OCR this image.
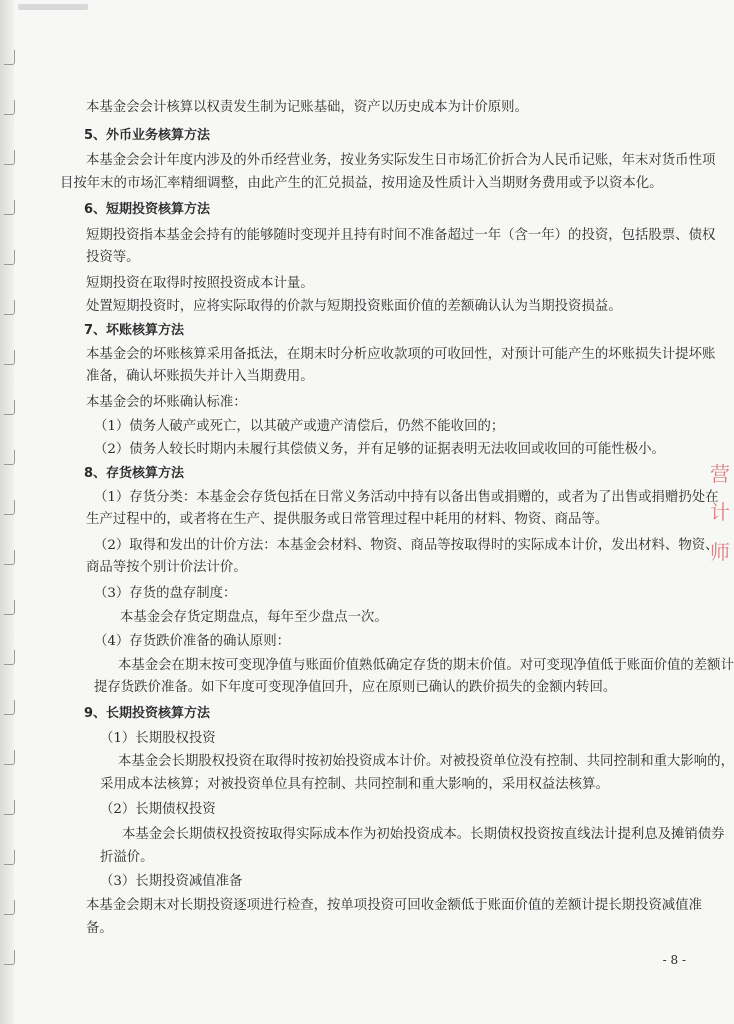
营
计
师
本基金会会计核算以权责发生制为记账基础，资产以历史成本为计价原则。
5、外币业务核算方法
本基金会会计年度内涉及的外币经营业务，按业务实际发生日市场汇价折合为人民币记账，年末对货币性项
目按年末的市场汇率精细调整，由此产生的汇兑损益，按用途及性质计入当期财务费用或予以资本化。
6、短期投资核算方法
短期投资指本基金会持有的能够随时变现并且持有时间不准备超过一年（含一年）的投资，包括股票、债权
投资等。
短期投资在取得时按照投资成本计量。
处置短期投资时，应将实际取得的价款与短期投资账面价值的差额确认认为当期投资损益。
7、坏账核算方法
本基金会的坏账核算采用备抵法，在期末时分析应收款项的可收回性，对预计可能产生的坏账损失计提坏账
准备，确认坏账损失并计入当期费用。
本基金会的坏账确认标准：
（1）债务人破产或死亡，以其破产或遗产清偿后，仍然不能收回的；
（2）债务人较长时期内未履行其偿债义务，并有足够的证据表明无法收回或收回的可能性极小。
8、存货核算方法
（1）存货分类：本基金会存货包括在日常义务活动中持有以备出售或捐赠的，或者为了出售或捐赠扔处在
生产过程中的，或者将在生产、提供服务或日常管理过程中耗用的材料、物资、商品等。
（2）取得和发出的计价方法：本基金会材料、物资、商品等按取得时的实际成本计价，发出材料、物资、
商品等按个别计价法计价。
（3）存货的盘存制度：
本基金会存货定期盘点，每年至少盘点一次。
（4）存货跌价准备的确认原则：
本基金会在期末按可变现净值与账面价值熟低确定存货的期末价值。对可变现净值低于账面价值的差额计
提存货跌价准备。如下年度可变现净值回升，应在原则已确认的跌价损失的金额内转回。
9、长期投资核算方法
（1）长期股权投资
本基金会长期股权投资在取得时按初始投资成本计价。对被投资单位没有控制、共同控制和重大影响的，
采用成本法核算；对被投资单位具有控制、共同控制和重大影响的，采用权益法核算。
（2）长期债权投资
本基金会长期债权投资按取得实际成本作为初始投资成本。长期债权投资按直线法计提利息及摊销债券
折溢价。
（3）长期投资减值准备
本基金会期末对长期投资逐项进行检查，按单项投资可回收金额低于账面价值的差额计提长期投资减值准
备。
- 8 -
